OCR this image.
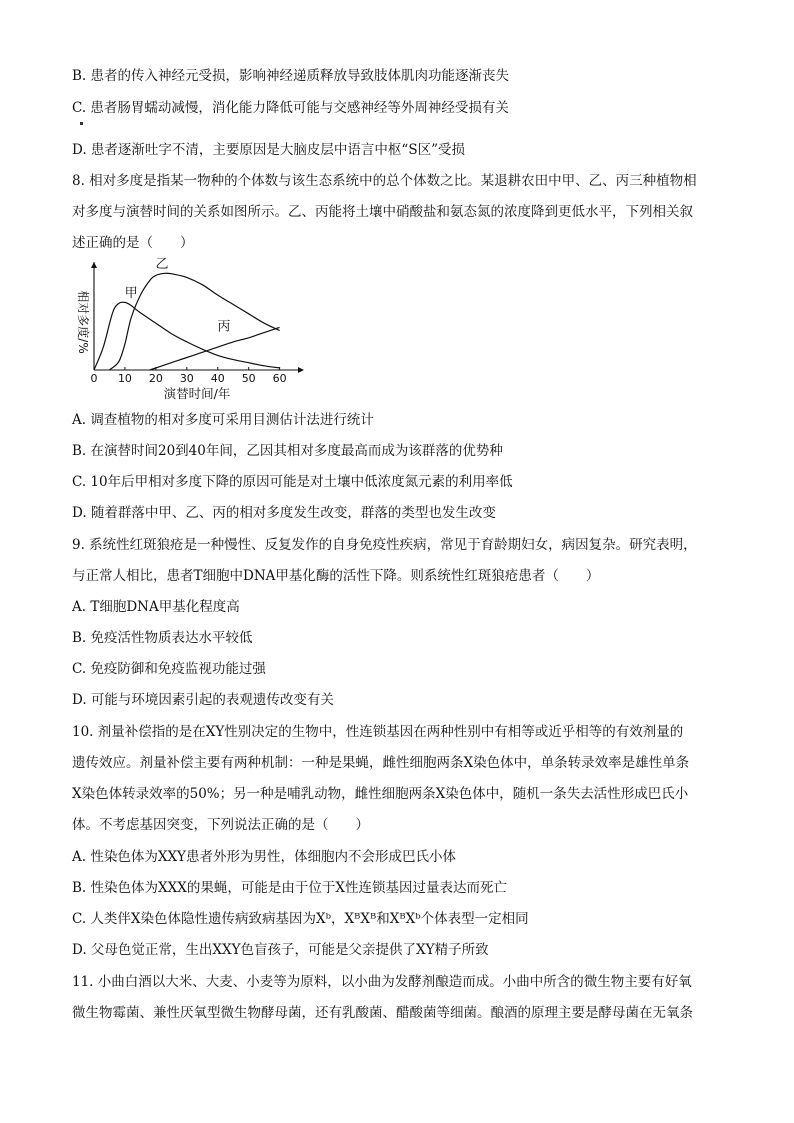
B. 患者的传入神经元受损，影响神经递质释放导致肢体肌肉功能逐渐丧失
C. 患者肠胃蠕动减慢，消化能力降低可能与交感神经等外周神经受损有关
D. 患者逐渐吐字不清，主要原因是大脑皮层中语言中枢“S区”受损
8. 相对多度是指某一物种的个体数与该生态系统中的总个体数之比。某退耕农田中甲、乙、丙三种植物相
对多度与演替时间的关系如图所示。乙、丙能将土壤中硝酸盐和氨态氮的浓度降到更低水平，下列相关叙
述正确的是（　　）
0 10 20 30 40 50 60
演替时间/年
相对多度/%	甲
乙
丙
A. 调查植物的相对多度可采用目测估计法进行统计
B. 在演替时间20到40年间，乙因其相对多度最高而成为该群落的优势种
C. 10年后甲相对多度下降的原因可能是对土壤中低浓度氮元素的利用率低
D. 随着群落中甲、乙、丙的相对多度发生改变，群落的类型也发生改变
9. 系统性红斑狼疮是一种慢性、反复发作的自身免疫性疾病，常见于育龄期妇女，病因复杂。研究表明，
与正常人相比，患者T细胞中DNA甲基化酶的活性下降。则系统性红斑狼疮患者（　　）
A. T细胞DNA甲基化程度高
B. 免疫活性物质表达水平较低
C. 免疫防御和免疫监视功能过强
D. 可能与环境因素引起的表观遗传改变有关
10. 剂量补偿指的是在XY性别决定的生物中，性连锁基因在两种性别中有相等或近乎相等的有效剂量的
遗传效应。剂量补偿主要有两种机制：一种是果蝇，雌性细胞两条X染色体中，单条转录效率是雄性单条
X染色体转录效率的50%；另一种是哺乳动物，雌性细胞两条X染色体中，随机一条失去活性形成巴氏小
体。不考虑基因突变，下列说法正确的是（　　）
A. 性染色体为XXY患者外形为男性，体细胞内不会形成巴氏小体
B. 性染色体为XXX的果蝇，可能是由于位于X性连锁基因过量表达而死亡
C. 人类伴X染色体隐性遗传病致病基因为Xᵇ，XᴮXᴮ和XᴮXᵇ个体表型一定相同
D. 父母色觉正常，生出XXY色盲孩子，可能是父亲提供了XY精子所致
11. 小曲白酒以大米、大麦、小麦等为原料，以小曲为发酵剂酿造而成。小曲中所含的微生物主要有好氧
微生物霉菌、兼性厌氧型微生物酵母菌，还有乳酸菌、醋酸菌等细菌。酿酒的原理主要是酵母菌在无氧条
